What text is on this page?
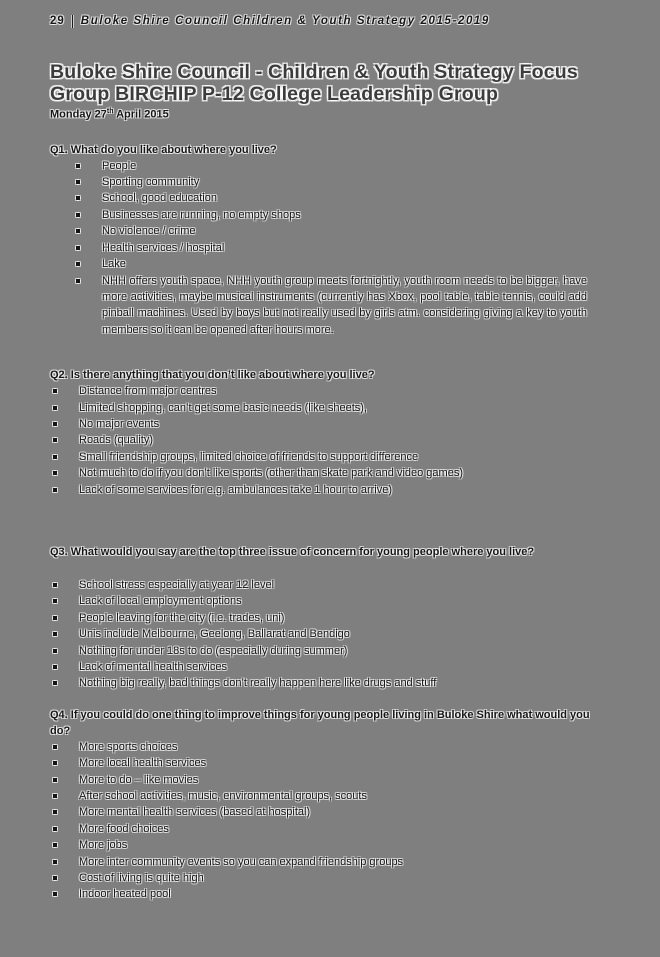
29 Buloke Shire Council Children & Youth Strategy 2015-2019
Buloke Shire Council - Children & Youth Strategy Focus Group BIRCHIP P-12 College Leadership Group
Monday 27th April 2015
Q1. What do you like about where you live?
People
Sporting community
School, good education
Businesses are running, no empty shops
No violence / crime
Health services / hospital
Lake
NHH offers youth space, NHH youth group meets fortnightly, youth room needs to be bigger, have more activities, maybe musical instruments (currently has Xbox, pool table, table tennis, could add pinball machines. Used by boys but not really used by girls atm. considering giving a key to youth members so it can be opened after hours more.
Q2. Is there anything that you don’t like about where you live?
Distance from major centres
Limited shopping, can’t get some basic needs (like sheets),
No major events
Roads (quality)
Small friendship groups, limited choice of friends to support difference
Not much to do if you don’t like sports (other than skate park and video games)
Lack of some services for e.g. ambulances take 1 hour to arrive)
Q3. What would you say are the top three issue of concern for young people where you live?
School stress especially at year 12 level
Lack of local employment options
People leaving for the city (i.e. trades, uni)
Unis include Melbourne, Geelong, Ballarat and Bendigo
Nothing for under 18s to do (especially during summer)
Lack of mental health services
Nothing big really, bad things don’t really happen here like drugs and stuff
Q4. If you could do one thing to improve things for young people living in Buloke Shire what would you do?
More sports choices
More local health services
More to do – like movies
After school activities, music, environmental groups, scouts
More mental health services (based at hospital)
More food choices
More jobs
More inter community events so you can expand friendship groups
Cost of living is quite high
Indoor heated pool
